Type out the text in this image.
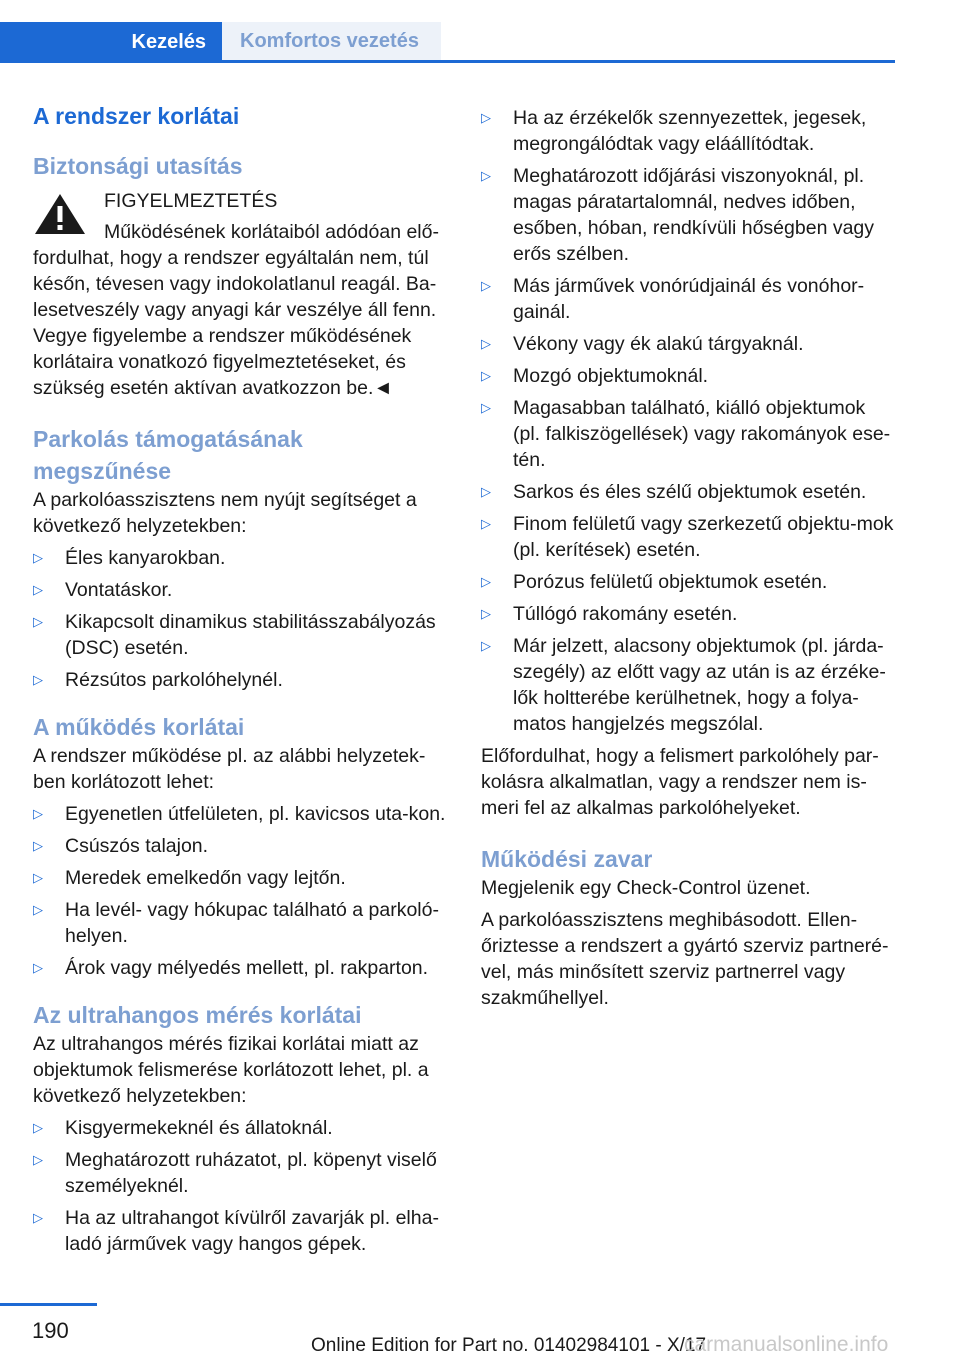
Kezelés	Komfortos vezetés
A rendszer korlátai
Biztonsági utasítás

FIGYELMEZTETÉS

Működésének korlátaiból adódóan elő-

fordulhat, hogy a rendszer egyáltalán nem, túl későn, tévesen vagy indokolatlanul reagál. Ba-lesetveszély vagy anyagi kár veszélye áll fenn. Vegye figyelembe a rendszer működésének korlátaira vonatkozó figyelmeztetéseket, és szükség esetén aktívan avatkozzon be.◄

Parkolás támogatásának megszűnése

A parkolóasszisztens nem nyújt segítséget a következő helyzetekben:

▷	Éles kanyarokban.
▷	Vontatáskor.
▷	Kikapcsolt dinamikus stabilitásszabályozás (DSC) esetén.
▷	Rézsútos parkolóhelynél.
A működés korlátai

A rendszer működése pl. az alábbi helyzetek-ben korlátozott lehet:

▷	Egyenetlen útfelületen, pl. kavicsos uta-kon.
▷	Csúszós talajon.
▷	Meredek emelkedőn vagy lejtőn.
▷	Ha levél- vagy hókupac található a parkoló-helyen.
▷	Árok vagy mélyedés mellett, pl. rakparton.
Az ultrahangos mérés korlátai

Az ultrahangos mérés fizikai korlátai miatt az objektumok felismerése korlátozott lehet, pl. a következő helyzetekben:

▷	Kisgyermekeknél és állatoknál.
▷	Meghatározott ruházatot, pl. köpenyt viselő személyeknél.
▷	Ha az ultrahangot kívülről zavarják pl. elha-ladó járművek vagy hangos gépek.
▷	Ha az érzékelők szennyezettek, jegesek, megrongálódtak vagy eláállítódtak.
▷	Meghatározott időjárási viszonyoknál, pl. magas páratartalomnál, nedves időben, esőben, hóban, rendkívüli hőségben vagy erős szélben.
▷	Más járművek vonórúdjainál és vonóhor-gainál.
▷	Vékony vagy ék alakú tárgyaknál.
▷	Mozgó objektumoknál.
▷	Magasabban található, kiálló objektumok (pl. falkiszögellések) vagy rakományok ese-tén.
▷	Sarkos és éles szélű objektumok esetén.
▷	Finom felületű vagy szerkezetű objektu-mok (pl. kerítések) esetén.
▷	Porózus felületű objektumok esetén.
▷	Túllógó rakomány esetén.
▷	Már jelzett, alacsony objektumok (pl. járda-szegély) az előtt vagy az után is az érzéke-lők holtterébe kerülhetnek, hogy a folya-matos hangjelzés megszólal.

Előfordulhat, hogy a felismert parkolóhely par-kolásra alkalmatlan, vagy a rendszer nem is-meri fel az alkalmas parkolóhelyeket.

Működési zavar

Megjelenik egy Check-Control üzenet.

A parkolóasszisztens meghibásodott. Ellen-őriztesse a rendszert a gyártó szerviz partneré-vel, más minősített szerviz partnerrel vagy szakműhellyel.

190
Online Edition for Part no. 01402984101 - X/17
carmanualsonline.info
